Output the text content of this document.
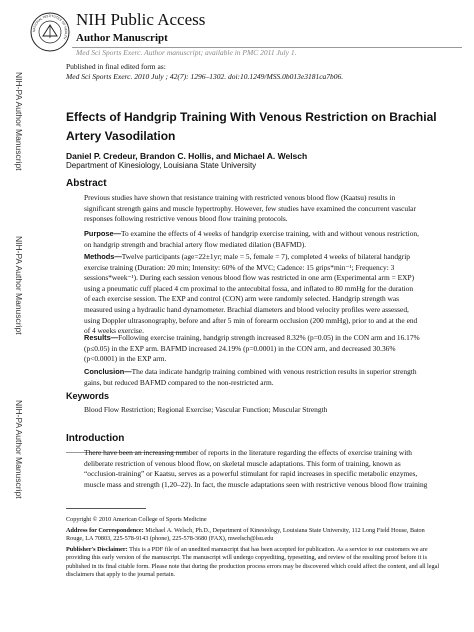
NIH-PA Author Manuscript
NIH-PA Author Manuscript
NIH-PA Author Manuscript
NATIONAL INSTITUTES OF HEALTH
NIH Public Access
Author Manuscript
Med Sci Sports Exerc. Author manuscript; available in PMC 2011 July 1.
Published in final edited form as:
Med Sci Sports Exerc. 2010 July ; 42(7): 1296–1302. doi:10.1249/MSS.0b013e3181ca7b06.
Effects of Handgrip Training With Venous Restriction on Brachial Artery Vasodilation
Daniel P. Credeur, Brandon C. Hollis, and Michael A. Welsch
Department of Kinesiology, Louisiana State University
Abstract
Previous studies have shown that resistance training with restricted venous blood flow (Kaatsu) results in significant strength gains and muscle hypertrophy. However, few studies have examined the concurrent vascular responses following restrictive venous blood flow training protocols.
Purpose—To examine the effects of 4 weeks of handgrip exercise training, with and without venous restriction, on handgrip strength and brachial artery flow mediated dilation (BAFMD).
Methods—Twelve participants (age=22±1yr; male = 5, female = 7), completed 4 weeks of bilateral handgrip exercise training (Duration: 20 min; Intensity: 60% of the MVC; Cadence: 15 grips*min⁻¹; Frequency: 3 sessions*week⁻¹). During each session venous blood flow was restricted in one arm (Experimental arm = EXP) using a pneumatic cuff placed 4 cm proximal to the antecubital fossa, and inflated to 80 mmHg for the duration of each exercise session. The EXP and control (CON) arm were randomly selected. Handgrip strength was measured using a hydraulic hand dynamometer. Brachial diameters and blood velocity profiles were assessed, using Doppler ultrasonography, before and after 5 min of forearm occlusion (200 mmHg), prior to and at the end of 4 weeks exercise.
Results—Following exercise training, handgrip strength increased 8.32% (p=0.05) in the CON arm and 16.17% (p≤0.05) in the EXP arm. BAFMD increased 24.19% (p=0.0001) in the CON arm, and decreased 30.36% (p<0.0001) in the EXP arm.
Conclusion—The data indicate handgrip training combined with venous restriction results in superior strength gains, but reduced BAFMD compared to the non-restricted arm.
Keywords
Blood Flow Restriction; Regional Exercise; Vascular Function; Muscular Strength
Introduction
There have been an increasing number of reports in the literature regarding the effects of exercise training with deliberate restriction of venous blood flow, on skeletal muscle adaptations. This form of training, known as “occlusion-training” or Kaatsu, serves as a powerful stimulant for rapid increases in specific metabolic enzymes, muscle mass and strength (1,20–22). In fact, the muscle adaptations seen with restrictive venous blood flow training
Copyright © 2010 American College of Sports Medicine
Address for Correspondence: Michael A. Welsch, Ph.D., Department of Kinesiology, Louisiana State University, 112 Long Field House, Baton Rouge, LA 70803, 225-578-9143 (phone), 225-578-3680 (FAX), mwelsch@lsu.edu
Publisher's Disclaimer: This is a PDF file of an unedited manuscript that has been accepted for publication. As a service to our customers we are providing this early version of the manuscript. The manuscript will undergo copyediting, typesetting, and review of the resulting proof before it is published in its final citable form. Please note that during the production process errors may be discovered which could affect the content, and all legal disclaimers that apply to the journal pertain.
